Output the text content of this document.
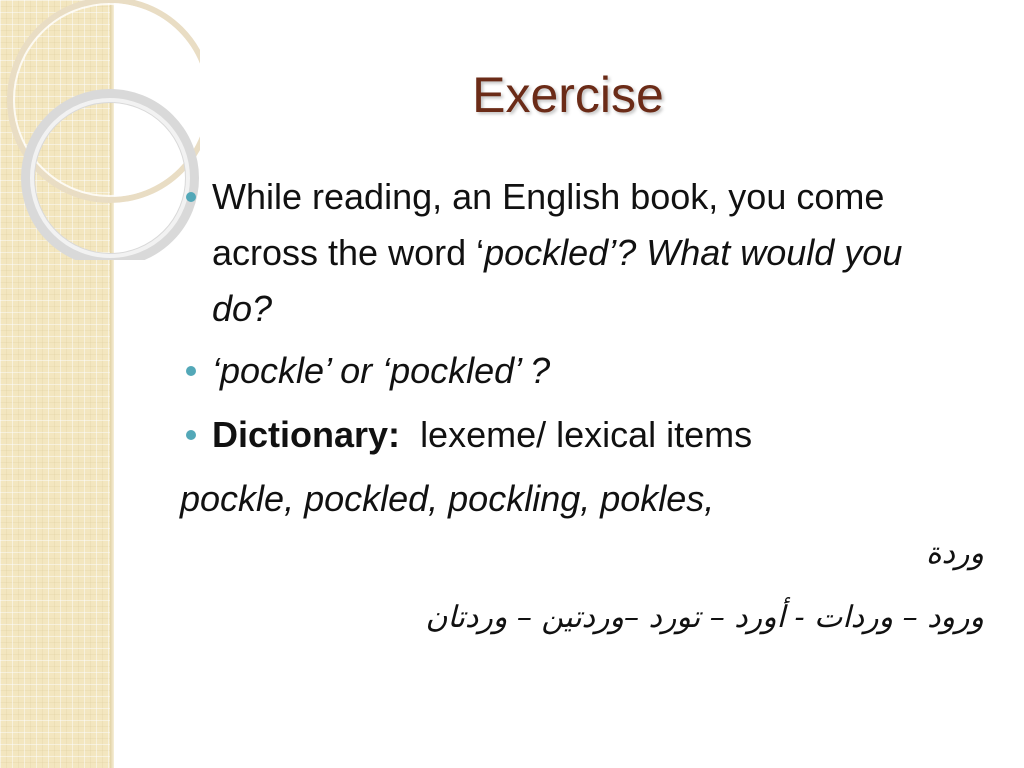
Exercise
While reading, an English book, you come
across the word ‘pockled’? What would you
do?
‘pockle’ or ‘pockled’ ?
Dictionary: lexeme/ lexical items
pockle, pockled, pockling, pokles,
وردة
ورود – وردات - أورد – تورد –وردتين – وردتان
